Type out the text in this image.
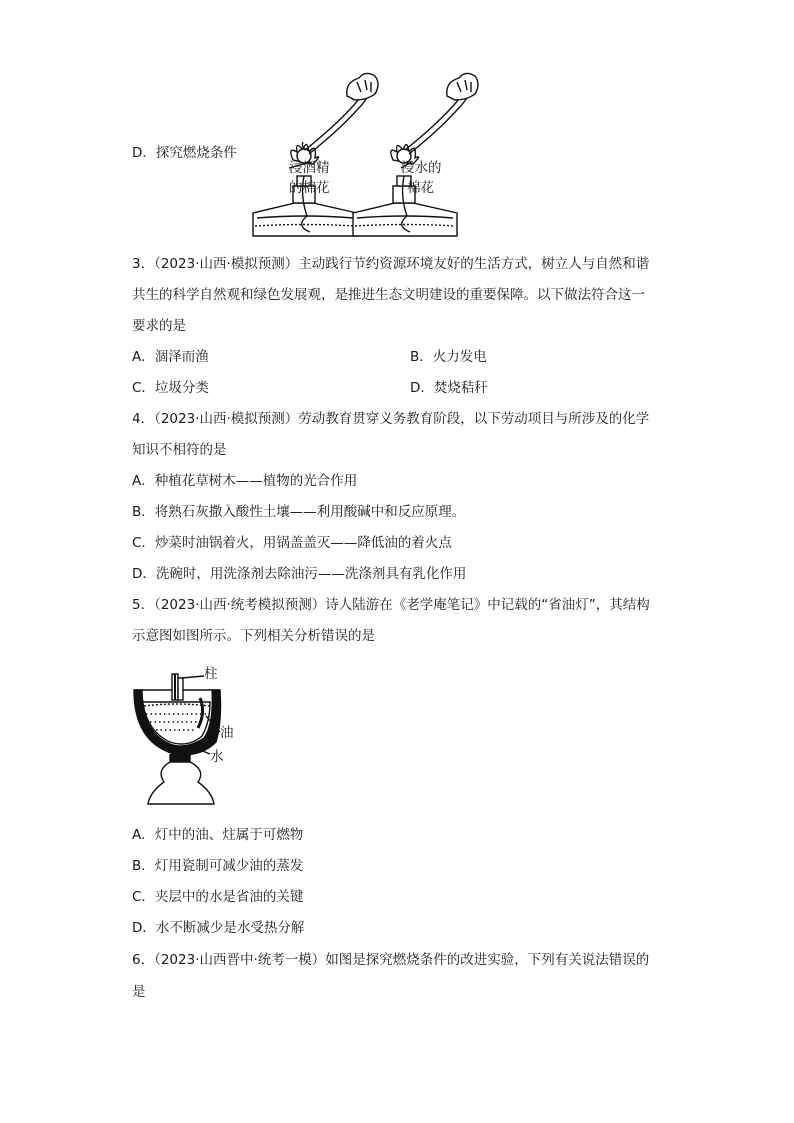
D．探究燃烧条件
浸酒精
的棉花
浸水的
棉花
3．（2023·山西·模拟预测）主动践行节约资源环境友好的生活方式，树立人与自然和谐
共生的科学自然观和绿色发展观，是推进生态文明建设的重要保障。以下做法符合这一
要求的是
A．涸泽而渔	B．火力发电
C．垃圾分类	D．焚烧秸秆
4．（2023·山西·模拟预测）劳动教育贯穿义务教育阶段，以下劳动项目与所涉及的化学
知识不相符的是
A．种植花草树木——植物的光合作用
B．将熟石灰撒入酸性土壤——利用酸碱中和反应原理。
C．炒菜时油锅着火，用锅盖盖灭——降低油的着火点
D．洗碗时，用洗涤剂去除油污——洗涤剂具有乳化作用
5．（2023·山西·统考模拟预测）诗人陆游在《老学庵笔记》中记载的“省油灯”，其结构
示意图如图所示。下列相关分析错误的是
柱
油
水
A．灯中的油、炷属于可燃物
B．灯用瓷制可减少油的蒸发
C．夹层中的水是省油的关键
D．水不断减少是水受热分解
6．（2023·山西晋中·统考一模）如图是探究燃烧条件的改进实验，下列有关说法错误的
是
